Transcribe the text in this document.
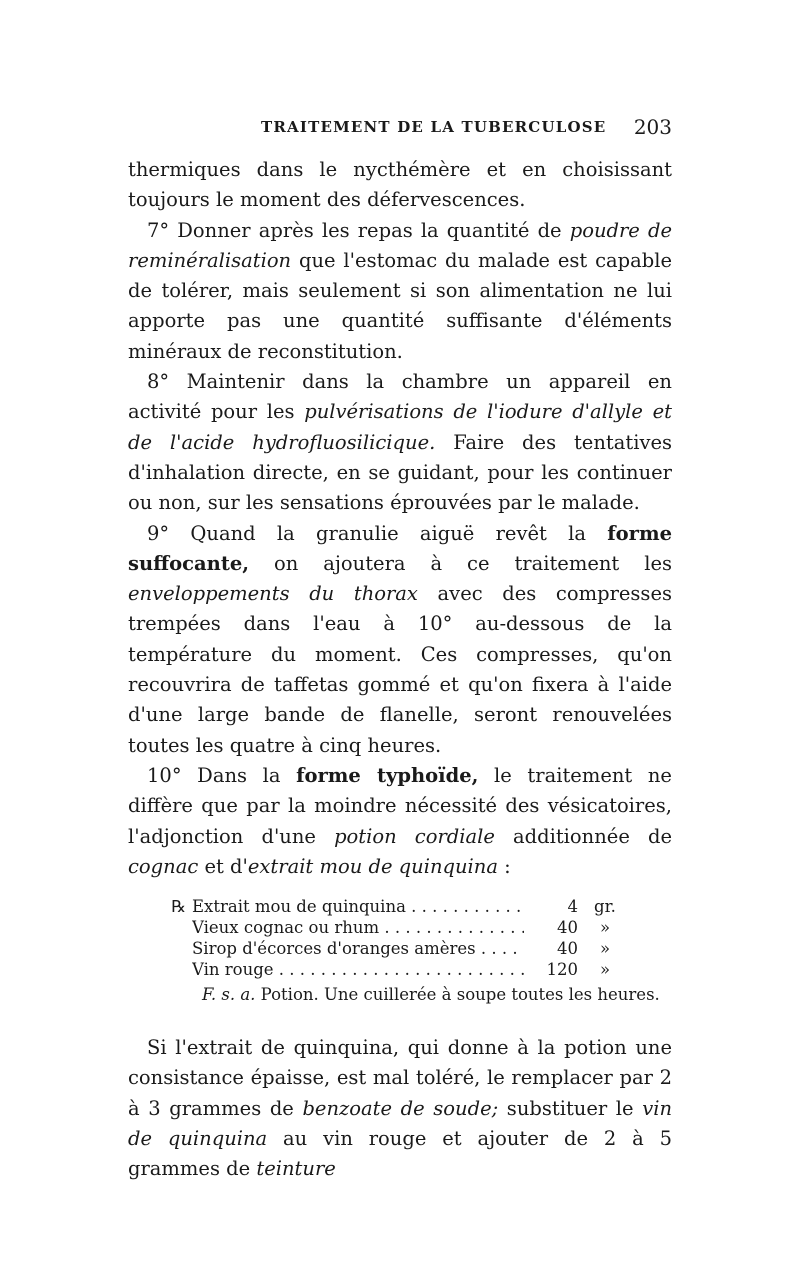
TRAITEMENT DE LA TUBERCULOSE 203

thermiques dans le nycthémère et en choisissant toujours le moment des défervescences.

7° Donner après les repas la quantité de poudre de reminéralisation que l'estomac du malade est capable de tolérer, mais seulement si son alimentation ne lui apporte pas une quantité suffisante d'éléments minéraux de reconstitution.

8° Maintenir dans la chambre un appareil en activité pour les pulvérisations de l'iodure d'allyle et de l'acide hydrofluosilicique. Faire des tentatives d'inhalation directe, en se guidant, pour les continuer ou non, sur les sensations éprouvées par le malade.

9° Quand la granulie aiguë revêt la forme suffocante, on ajoutera à ce traitement les enveloppements du thorax avec des compresses trempées dans l'eau à 10° au-dessous de la température du moment. Ces compresses, qu'on recouvrira de taffetas gommé et qu'on fixera à l'aide d'une large bande de flanelle, seront renouvelées toutes les quatre à cinq heures.

10° Dans la forme typhoïde, le traitement ne diffère que par la moindre nécessité des vésicatoires, l'adjonction d'une potion cordiale additionnée de cognac et d'extrait mou de quinquina :

℞ Extrait mou de quinquina . . .	4 gr.
Vieux cognac ou rhum . . .	40	»
Sirop d'écorces d'oranges amères . . .	40	»
Vin rouge . . .	120	»
F. s. a. Potion. Une cuillerée à soupe toutes les heures.

Si l'extrait de quinquina, qui donne à la potion une consistance épaisse, est mal toléré, le remplacer par 2 à 3 grammes de benzoate de soude; substituer le vin de quinquina au vin rouge et ajouter de 2 à 5 grammes de teinture
